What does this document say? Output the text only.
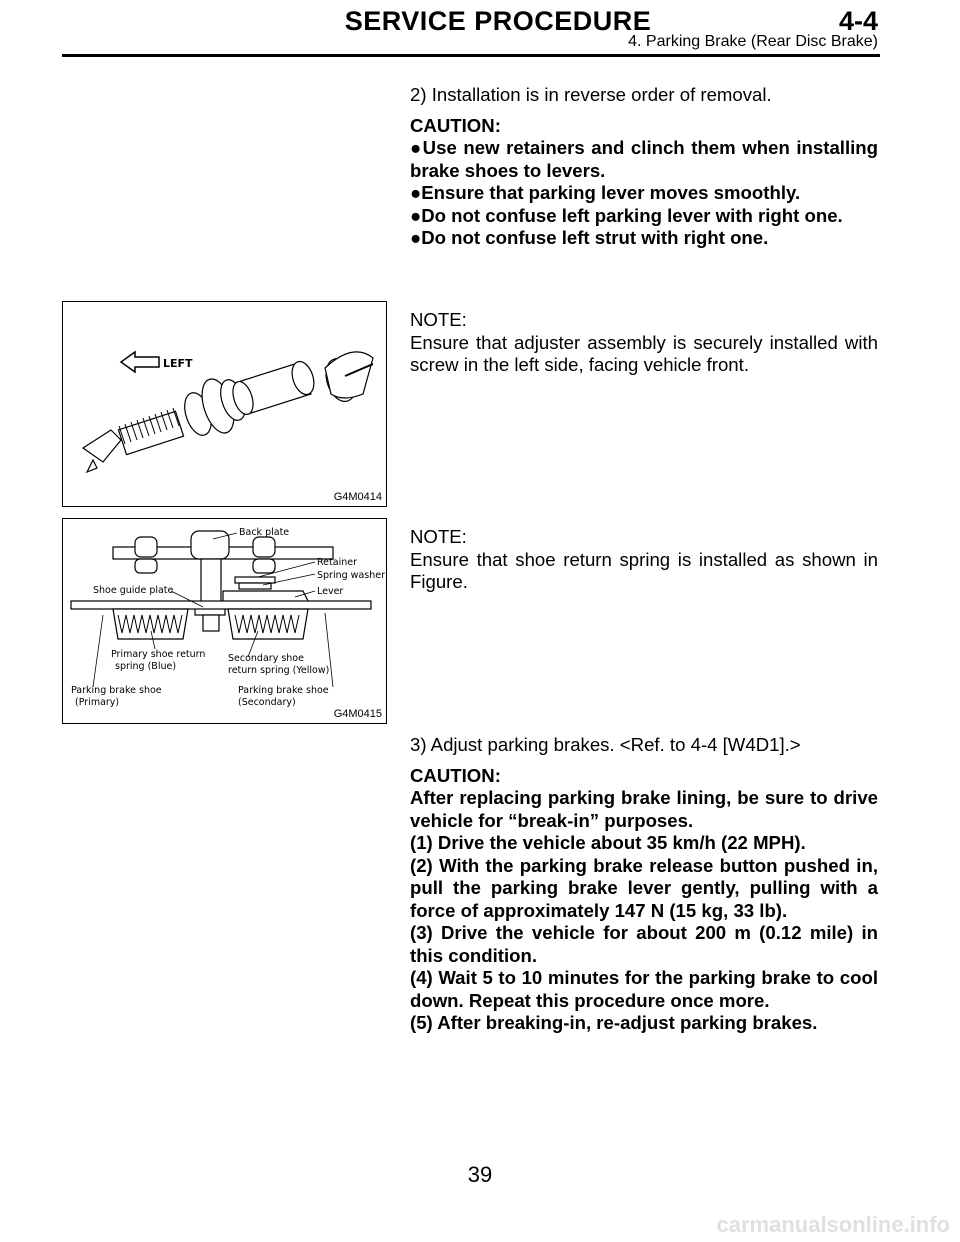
SERVICE PROCEDURE	4-4
4. Parking Brake (Rear Disc Brake)

2) Installation is in reverse order of removal.

CAUTION:

●Use new retainers and clinch them when installing brake shoes to levers.

●Ensure that parking lever moves smoothly.

●Do not confuse left parking lever with right one.

●Do not confuse left strut with right one.

LEFT
G4M0414

NOTE:

Ensure that adjuster assembly is securely installed with screw in the left side, facing vehicle front.

Back plate
Retainer
Spring washer
Lever
Shoe guide plate
Primary shoe return
spring (Blue)
Secondary shoe
return spring (Yellow)
Parking brake shoe
(Primary)
Parking brake shoe
(Secondary)
G4M0415

NOTE:

Ensure that shoe return spring is installed as shown in Figure.

3) Adjust parking brakes. <Ref. to 4-4 [W4D1].>

CAUTION:

After replacing parking brake lining, be sure to drive vehicle for “break-in” purposes.

(1) Drive the vehicle about 35 km/h (22 MPH).

(2) With the parking brake release button pushed in, pull the parking brake lever gently, pulling with a force of approximately 147 N (15 kg, 33 lb).

(3) Drive the vehicle for about 200 m (0.12 mile) in this condition.

(4) Wait 5 to 10 minutes for the parking brake to cool down. Repeat this procedure once more.

(5) After breaking-in, re-adjust parking brakes.

39
carmanualsonline.info
